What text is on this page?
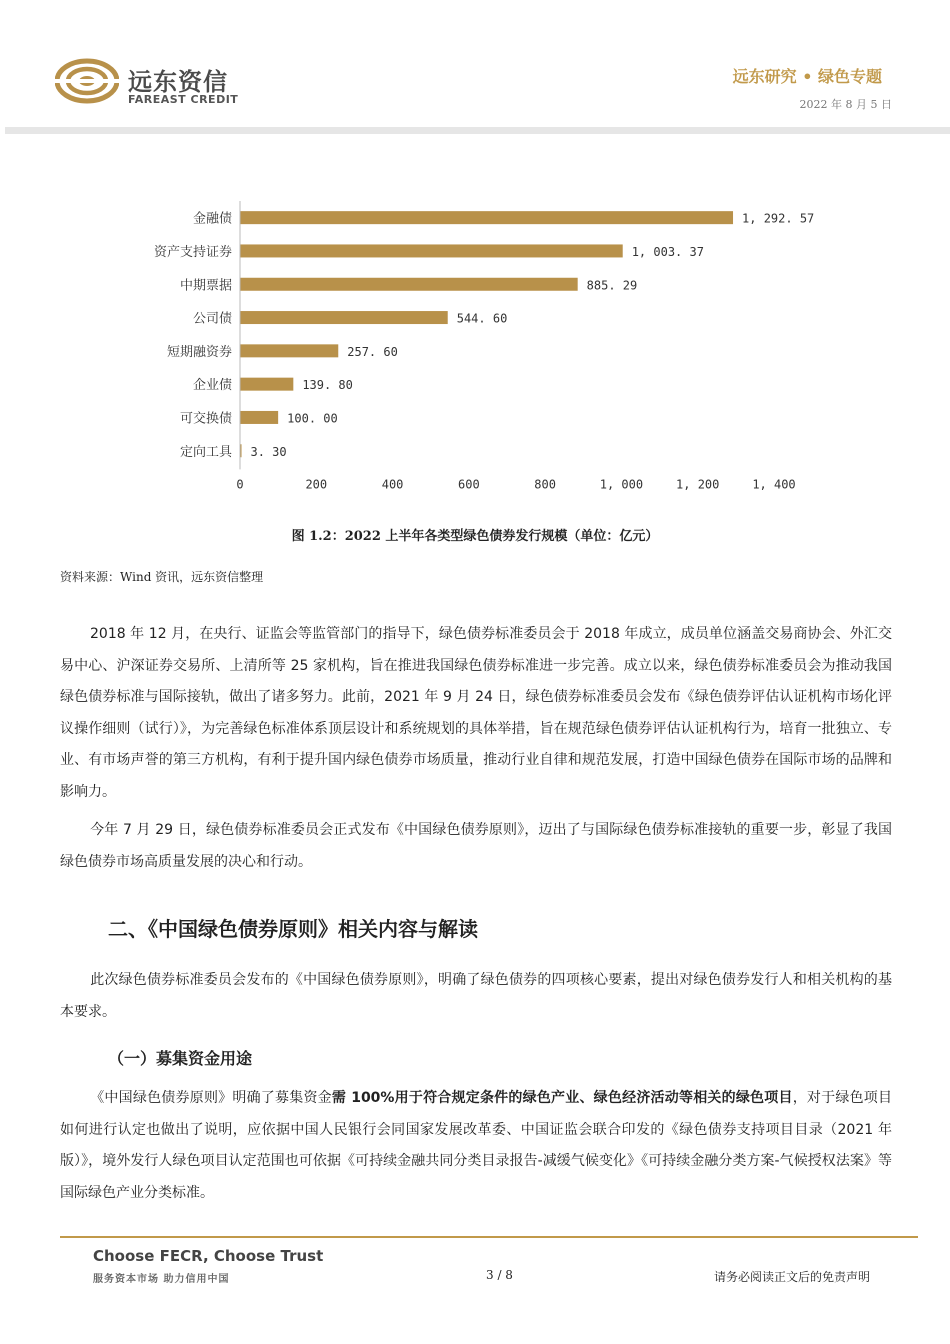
远东资信
FAREAST CREDIT
远东研究 • 绿色专题
2022 年 8 月 5 日
金融债	1, 292. 57
资产支持证券	1, 003. 37
中期票据	885. 29
公司债	544. 60
短期融资券	257. 60
企业债	139. 80
可交换债	100. 00
定向工具 3. 30
0	200	400	600	800	1, 000	1, 200	1, 400
图 1.2：2022 上半年各类型绿色债券发行规模（单位：亿元）
资料来源：Wind 资讯，远东资信整理
2018 年 12 月，在央行、证监会等监管部门的指导下，绿色债券标准委员会于 2018 年成立，成员单位涵盖交易商协会、外汇交易中心、沪深证券交易所、上清所等 25 家机构，旨在推进我国绿色债券标准进一步完善。成立以来，绿色债券标准委员会为推动我国绿色债券标准与国际接轨，做出了诸多努力。此前，2021 年 9 月 24 日，绿色债券标准委员会发布《绿色债券评估认证机构市场化评议操作细则（试行）》，为完善绿色标准体系顶层设计和系统规划的具体举措，旨在规范绿色债券评估认证机构行为，培育一批独立、专业、有市场声誉的第三方机构，有利于提升国内绿色债券市场质量，推动行业自律和规范发展，打造中国绿色债券在国际市场的品牌和影响力。
今年 7 月 29 日，绿色债券标准委员会正式发布《中国绿色债券原则》，迈出了与国际绿色债券标准接轨的重要一步，彰显了我国绿色债券市场高质量发展的决心和行动。
二、《中国绿色债券原则》相关内容与解读
此次绿色债券标准委员会发布的《中国绿色债券原则》，明确了绿色债券的四项核心要素，提出对绿色债券发行人和相关机构的基本要求。
（一）募集资金用途
《中国绿色债券原则》明确了募集资金需 100%用于符合规定条件的绿色产业、绿色经济活动等相关的绿色项目，对于绿色项目如何进行认定也做出了说明，应依据中国人民银行会同国家发展改革委、中国证监会联合印发的《绿色债券支持项目目录（2021 年版）》，境外发行人绿色项目认定范围也可依据《可持续金融共同分类目录报告-减缓气候变化》《可持续金融分类方案-气候授权法案》等国际绿色产业分类标准。
Choose FECR, Choose Trust
服务资本市场 助力信用中国	3 / 8	请务必阅读正文后的免责声明
